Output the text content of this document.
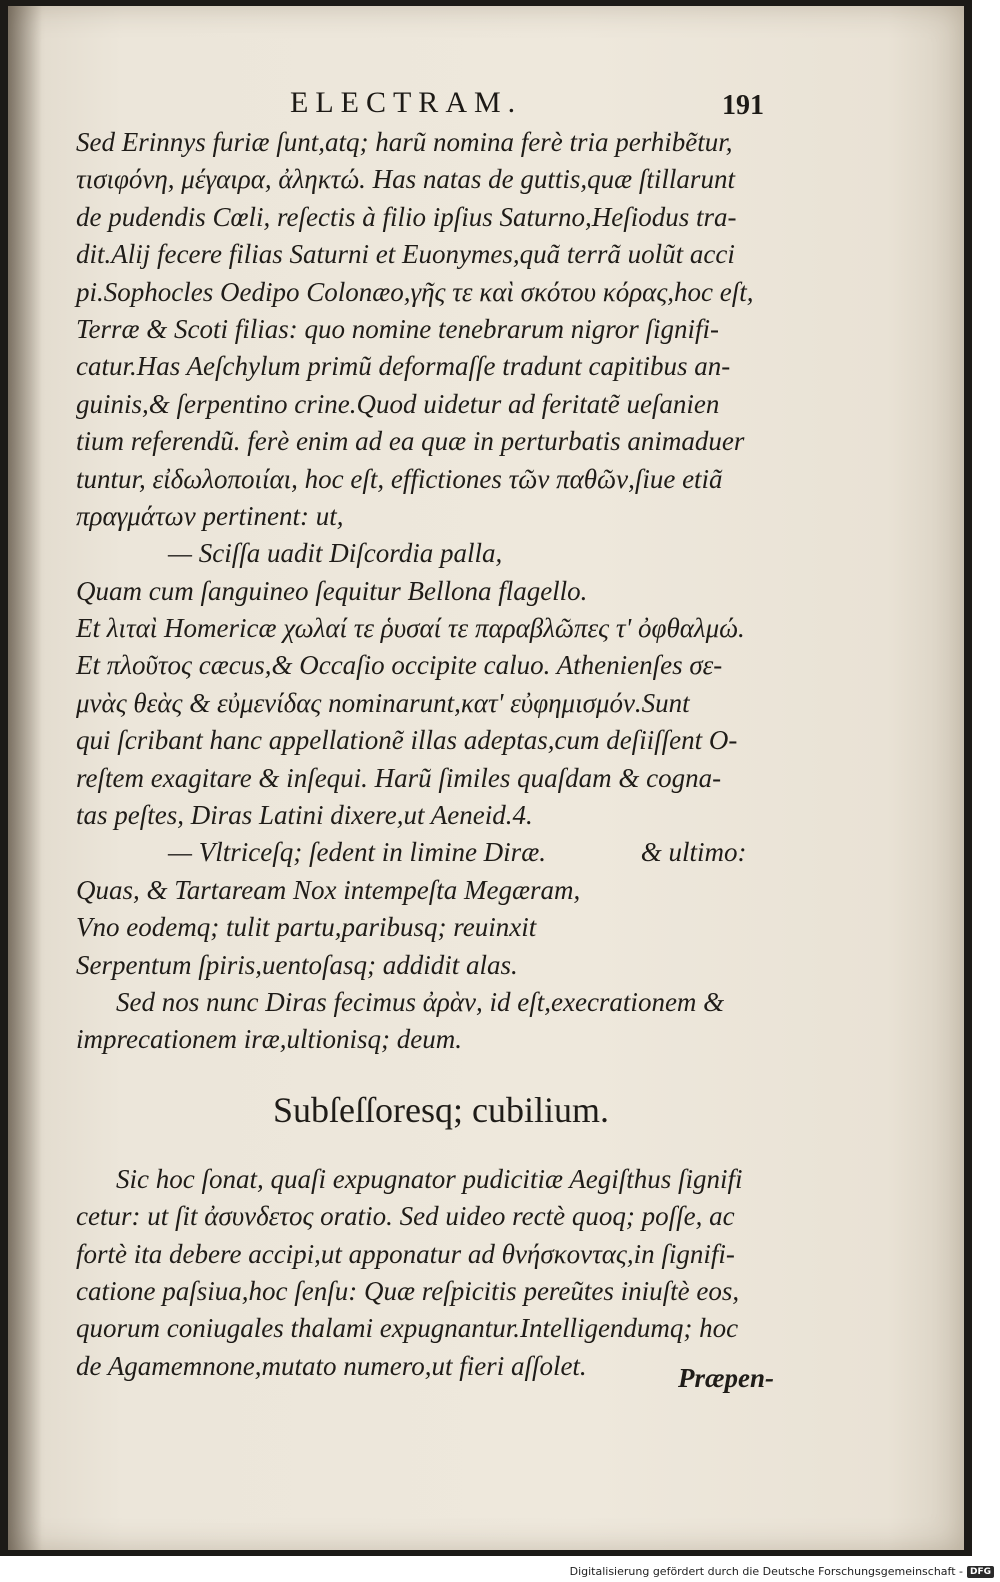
ELECTRAM.	191
Sed Erinnys furiæ ſunt,atq; harũ nomina ferè tria perhibẽtur,
τισιφόνη, μέγαιρα, ἀληκτώ. Has natas de guttis,quæ ſtillarunt
de pudendis Cœli, reſectis à filio ipſius Saturno,Heſiodus tra-
dit.Alij fecere filias Saturni et Euonymes,quã terrã uolũt acci
pi.Sophocles Oedipo Colonæo,γῆς τε καὶ σκότου κόρας,hoc eſt,
Terræ & Scoti filias: quo nomine tenebrarum nigror ſignifi-
catur.Has Aeſchylum primũ deformaſſe tradunt capitibus an-
guinis,& ſerpentino crine.Quod uidetur ad feritatẽ ueſanien
tium referendũ. ferè enim ad ea quæ in perturbatis animaduer
tuntur, εἰδωλοποιίαι, hoc eſt, effictiones τῶν παθῶν,ſiue etiã
πραγμάτων pertinent: ut,
— Sciſſa uadit Diſcordia palla,
Quam cum ſanguineo ſequitur Bellona flagello.
Et λιταὶ Homericæ χωλαί τε ῥυσαί τε παραβλῶπες τ' ὀφθαλμώ.
Et πλοῦτος cæcus,& Occaſio occipite caluo. Athenienſes σε-
μνὰς θεὰς & εὐμενίδας nominarunt,κατ' εὐφημισμόν.Sunt
qui ſcribant hanc appellationẽ illas adeptas,cum deſiiſſent O-
reſtem exagitare & inſequi. Harũ ſimiles quaſdam & cogna-
tas peſtes, Diras Latini dixere,ut Aeneid.4.
— Vltriceſq; ſedent in limine Diræ.	& ultimo:
Quas, & Tartaream Nox intempeſta Megæram,
Vno eodemq; tulit partu,paribusq; reuinxit
Serpentum ſpiris,uentoſasq; addidit alas.
Sed nos nunc Diras fecimus ἀρὰν, id eſt,execrationem &
imprecationem iræ,ultionisq; deum.
Subſeſſoresq; cubilium.
Sic hoc ſonat, quaſi expugnator pudicitiæ Aegiſthus ſignifi
cetur: ut ſit ἀσυνδετος oratio. Sed uideo rectè quoq; poſſe, ac
fortè ita debere accipi,ut apponatur ad θνήσκοντας,in ſignifi-
catione paſsiua,hoc ſenſu: Quæ reſpicitis pereũtes iniuſtè eos,
quorum coniugales thalami expugnantur.Intelligendumq; hoc
de Agamemnone,mutato numero,ut fieri aſſolet.	Præpen-
Digitalisierung gefördert durch die Deutsche Forschungsgemeinschaft - DFG
